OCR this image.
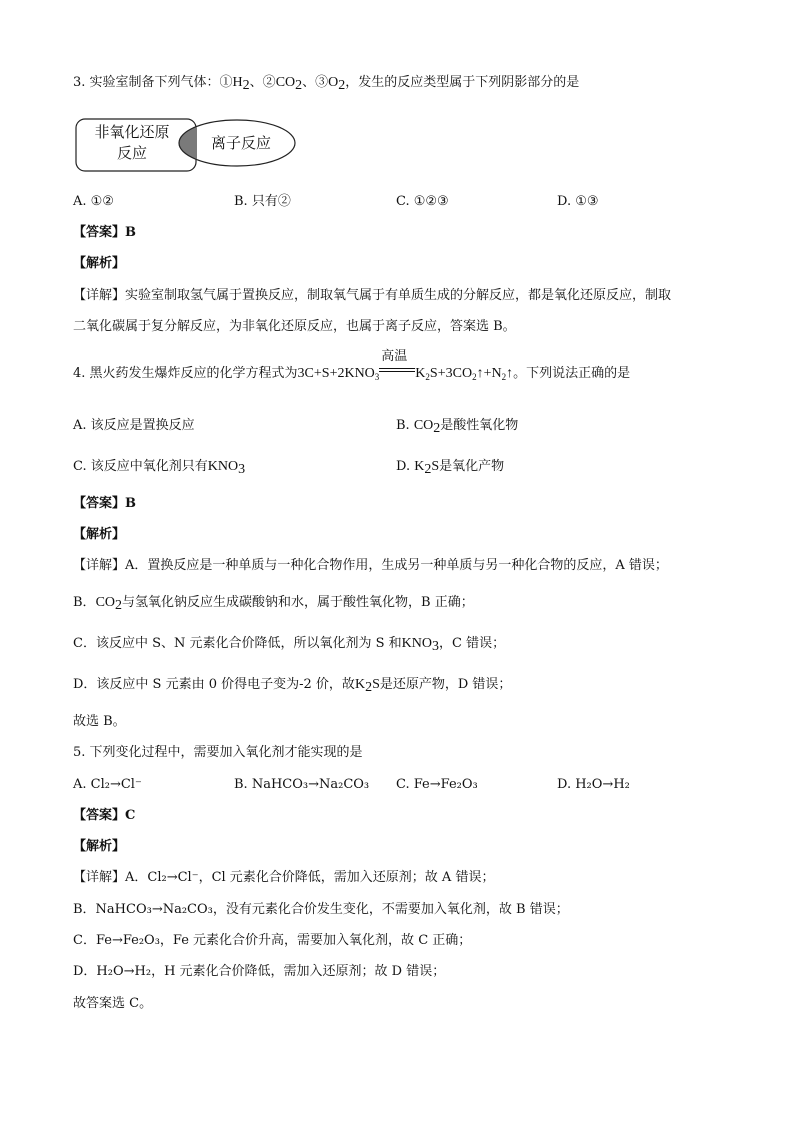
3. 实验室制备下列气体：$①H_2$、$②CO_2$、$③O_2$，发生的反应类型属于下列阴影部分的是
非氧化还原
反应
离子反应
A. ①②	B. 只有②	C. ①②③	D. ①③
【答案】B
【解析】
【详解】实验室制取氢气属于置换反应，制取氧气属于有单质生成的分解反应，都是氧化还原反应，制取
二氧化碳属于复分解反应，为非氧化还原反应，也属于离子反应，答案选 B。
4. 黑火药发生爆炸反应的化学方程式为$3C+S+2KNO_3$
高温
$K_2S+3CO_2↑+N_2↑$。下列说法正确的是
A. 该反应是置换反应	B. $CO_2$是酸性氧化物
C. 该反应中氧化剂只有$KNO_3$	D. $K_2S$是氧化产物
【答案】B
【解析】
【详解】A．置换反应是一种单质与一种化合物作用，生成另一种单质与另一种化合物的反应，A 错误；
B．$CO_2$与氢氧化钠反应生成碳酸钠和水，属于酸性氧化物，B 正确；
C．该反应中 S、N 元素化合价降低，所以氧化剂为 S 和$KNO_3$，C 错误；
D．该反应中 S 元素由 0 价得电子变为-2 价，故$K_2S$是还原产物，D 错误；
故选 B。
5. 下列变化过程中，需要加入氧化剂才能实现的是
A. Cl₂→Cl⁻	B. NaHCO₃→Na₂CO₃ C. Fe→Fe₂O₃	D. H₂O→H₂
【答案】C
【解析】
【详解】A．Cl₂→Cl⁻，Cl 元素化合价降低，需加入还原剂；故 A 错误；
B．NaHCO₃→Na₂CO₃，没有元素化合价发生变化，不需要加入氧化剂，故 B 错误；
C．Fe→Fe₂O₃，Fe 元素化合价升高，需要加入氧化剂，故 C 正确；
D．H₂O→H₂，H 元素化合价降低，需加入还原剂；故 D 错误；
故答案选 C。
